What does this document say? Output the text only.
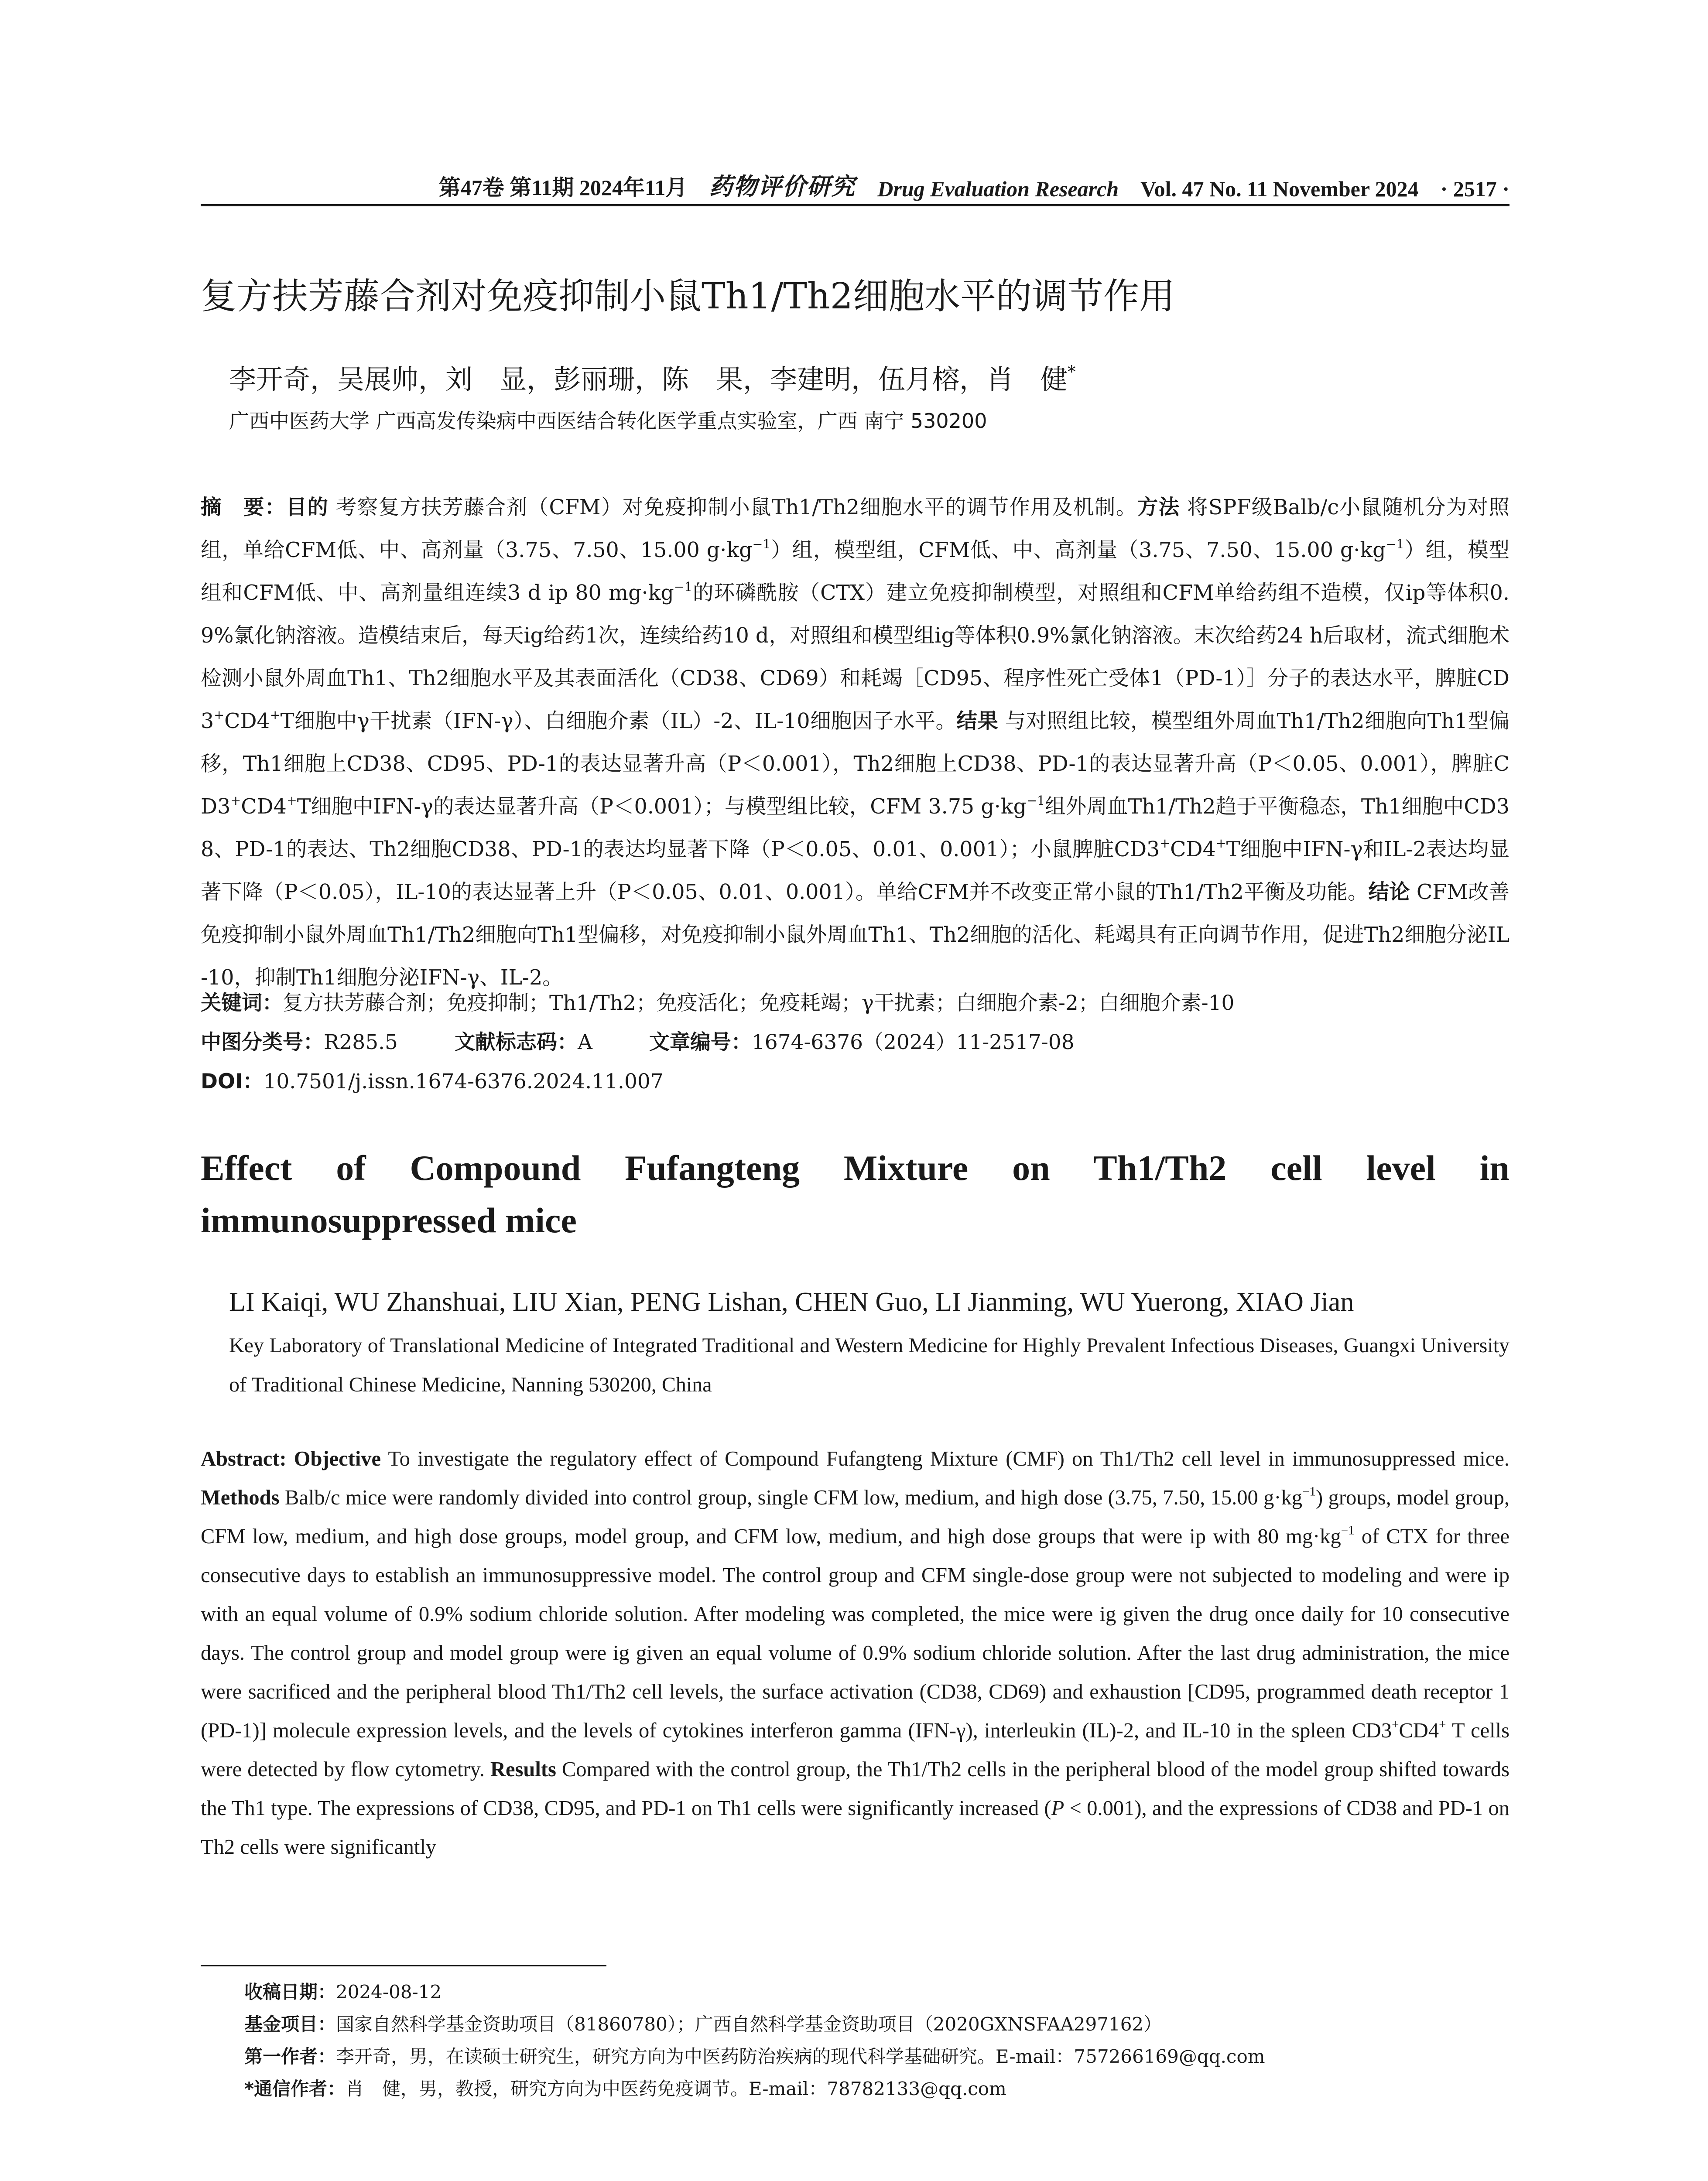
第47卷 第11期 2024年11月 药物评价研究 Drug Evaluation Research Vol. 47 No. 11 November 2024 · 2517 ·
复方扶芳藤合剂对免疫抑制小鼠Th1/Th2细胞水平的调节作用
李开奇，吴展帅，刘　显，彭丽珊，陈　果，李建明，伍月榕，肖　健*
广西中医药大学 广西高发传染病中西医结合转化医学重点实验室，广西 南宁 530200
摘　要：目的 考察复方扶芳藤合剂（CFM）对免疫抑制小鼠Th1/Th2细胞水平的调节作用及机制。方法 将SPF级Balb/c小鼠随机分为对照组，单给CFM低、中、高剂量（3.75、7.50、15.00 $g\cdot kg^{-1}$）组，模型组，CFM低、中、高剂量（3.75、7.50、15.00 $g\cdot kg^{-1}$）组，模型组和CFM低、中、高剂量组连续3 d ip 80 $mg\cdot kg^{-1}$的环磷酰胺（CTX）建立免疫抑制模型，对照组和CFM单给药组不造模，仅ip等体积0.9%氯化钠溶液。造模结束后，每天ig给药1次，连续给药10 d，对照组和模型组ig等体积0.9%氯化钠溶液。末次给药24 h后取材，流式细胞术检测小鼠外周血Th1、Th2细胞水平及其表面活化（CD38、CD69）和耗竭［CD95、程序性死亡受体1（PD-1）］分子的表达水平，脾脏CD3+CD4+T细胞中γ干扰素（IFN-γ）、白细胞介素（IL）-2、IL-10细胞因子水平。结果 与对照组比较，模型组外周血Th1/Th2细胞向Th1型偏移，Th1细胞上CD38、CD95、PD-1的表达显著升高（P＜0.001），Th2细胞上CD38、PD-1的表达显著升高（P＜0.05、0.001），脾脏CD3+CD4+T细胞中IFN-γ的表达显著升高（P＜0.001）；与模型组比较，CFM 3.75 $g\cdot kg^{-1}$组外周血Th1/Th2趋于平衡稳态，Th1细胞中CD38、PD-1的表达、Th2细胞CD38、PD-1的表达均显著下降（P＜0.05、0.01、0.001）；小鼠脾脏CD3+CD4+T细胞中IFN-γ和IL-2表达均显著下降（P＜0.05），IL-10的表达显著上升（P＜0.05、0.01、0.001）。单给CFM并不改变正常小鼠的Th1/Th2平衡及功能。结论 CFM改善免疫抑制小鼠外周血Th1/Th2细胞向Th1型偏移，对免疫抑制小鼠外周血Th1、Th2细胞的活化、耗竭具有正向调节作用，促进Th2细胞分泌IL-10，抑制Th1细胞分泌IFN-γ、IL-2。
关键词：复方扶芳藤合剂；免疫抑制；Th1/Th2；免疫活化；免疫耗竭；γ干扰素；白细胞介素-2；白细胞介素-10
中图分类号：R285.5	文献标志码：A	文章编号：1674-6376（2024）11-2517-08
DOI：10.7501/j.issn.1674-6376.2024.11.007
Effect of Compound Fufangteng Mixture on Th1/Th2 cell level in
immunosuppressed mice
LI Kaiqi, WU Zhanshuai, LIU Xian, PENG Lishan, CHEN Guo, LI Jianming, WU Yuerong, XIAO Jian
Key Laboratory of Translational Medicine of Integrated Traditional and Western Medicine for Highly Prevalent Infectious Diseases, Guangxi University of Traditional Chinese Medicine, Nanning 530200, China
Abstract: Objective To investigate the regulatory effect of Compound Fufangteng Mixture (CMF) on Th1/Th2 cell level in immunosuppressed mice. Methods Balb/c mice were randomly divided into control group, single CFM low, medium, and high dose (3.75, 7.50, 15.00 $g\cdot kg^{-1}$) groups, model group, CFM low, medium, and high dose groups, model group, and CFM low, medium, and high dose groups that were ip with 80 $mg\cdot kg^{-1}$ of CTX for three consecutive days to establish an immunosuppressive model. The control group and CFM single-dose group were not subjected to modeling and were ip with an equal volume of 0.9% sodium chloride solution. After modeling was completed, the mice were ig given the drug once daily for 10 consecutive days. The control group and model group were ig given an equal volume of 0.9% sodium chloride solution. After the last drug administration, the mice were sacrificed and the peripheral blood Th1/Th2 cell levels, the surface activation (CD38, CD69) and exhaustion [CD95, programmed death receptor 1 (PD-1)] molecule expression levels, and the levels of cytokines interferon gamma (IFN-γ), interleukin (IL)-2, and IL-10 in the spleen CD3+CD4+ T cells were detected by flow cytometry. Results Compared with the control group, the Th1/Th2 cells in the peripheral blood of the model group shifted towards the Th1 type. The expressions of CD38, CD95, and PD-1 on Th1 cells were significantly increased (P < 0.001), and the expressions of CD38 and PD-1 on Th2 cells were significantly
收稿日期：2024-08-12
基金项目：国家自然科学基金资助项目（81860780）；广西自然科学基金资助项目（2020GXNSFAA297162）
第一作者：李开奇，男，在读硕士研究生，研究方向为中医药防治疾病的现代科学基础研究。E-mail：757266169@qq.com
*通信作者：肖　健，男，教授，研究方向为中医药免疫调节。E-mail：78782133@qq.com
